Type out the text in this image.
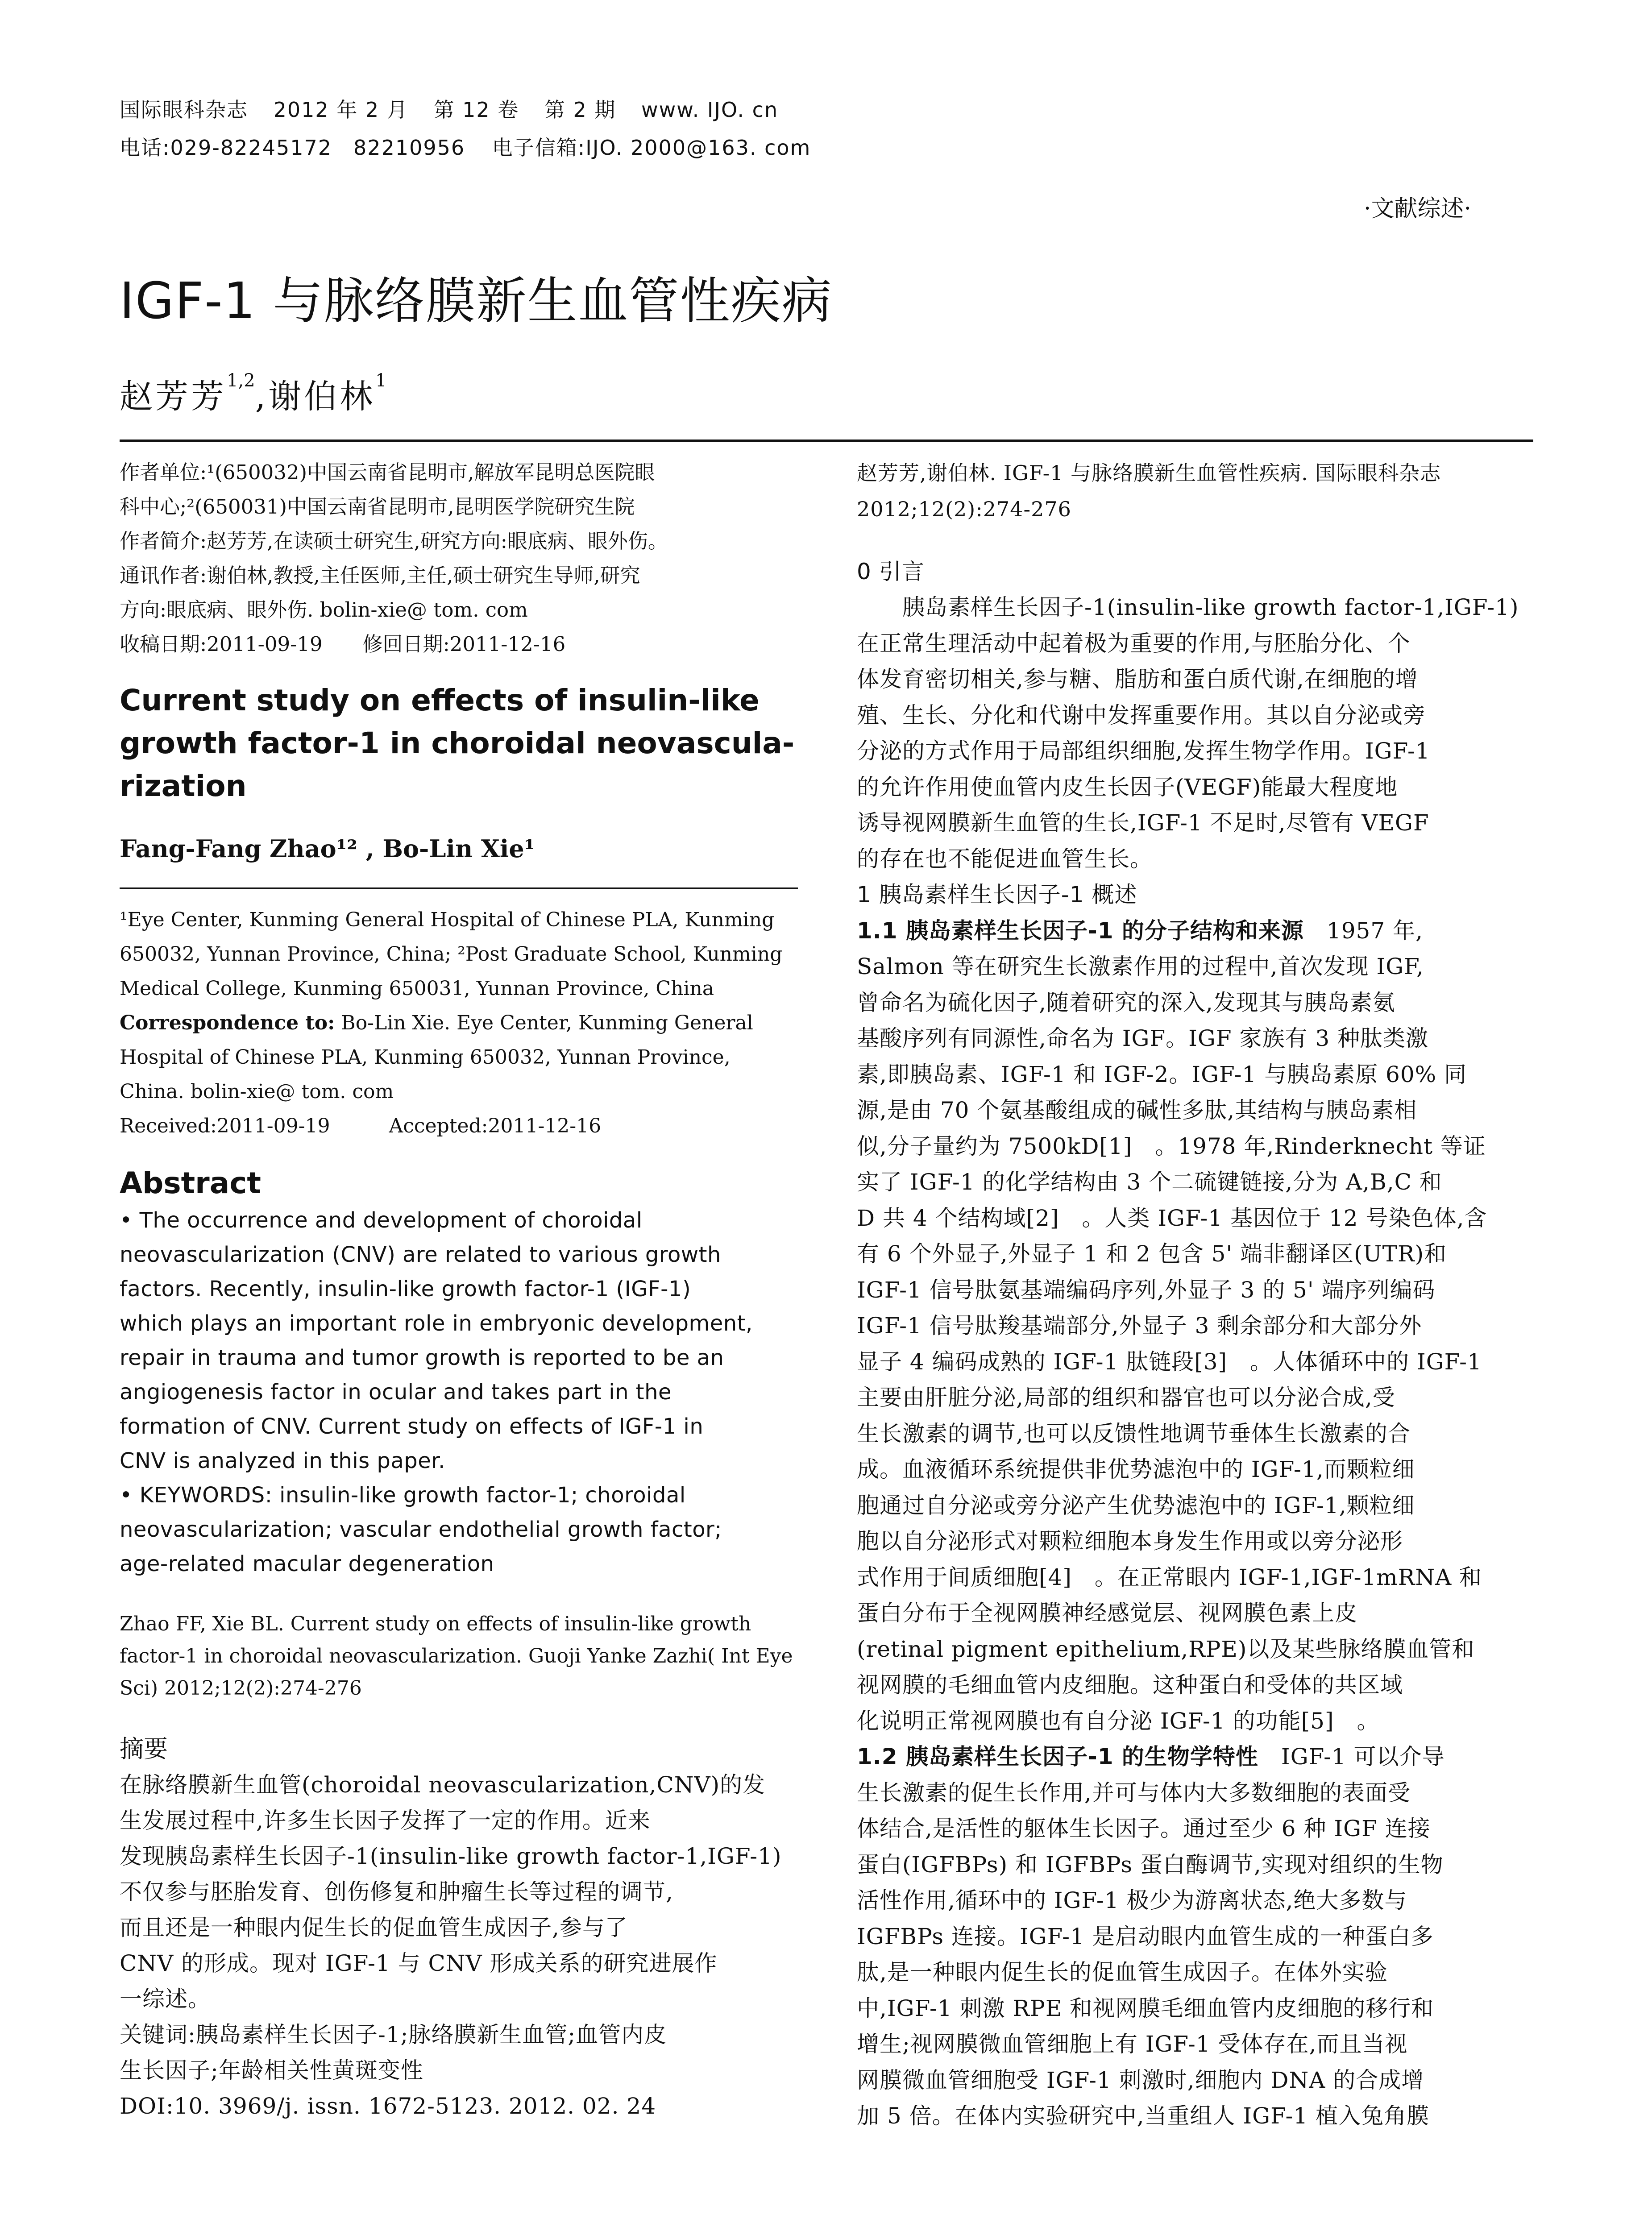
国际眼科杂志 2012 年 2 月 第 12 卷 第 2 期 www. IJO. cn
电话:029-82245172　82210956 电子信箱:IJO. 2000@163. com
·文献综述·
IGF-1 与脉络膜新生血管性疾病
赵芳芳$^{1,2}$,谢伯林$^1$
作者单位:¹(650032)中国云南省昆明市,解放军昆明总医院眼
科中心;²(650031)中国云南省昆明市,昆明医学院研究生院
作者简介:赵芳芳,在读硕士研究生,研究方向:眼底病、眼外伤。
通讯作者:谢伯林,教授,主任医师,主任,硕士研究生导师,研究
方向:眼底病、眼外伤. bolin-xie@ tom. com
收稿日期:2011-09-19　　修回日期:2011-12-16
Current study on effects of insulin-like
growth factor-1 in choroidal neovascula-
rization
Fang-Fang Zhao¹² , Bo-Lin Xie¹
¹Eye Center, Kunming General Hospital of Chinese PLA, Kunming
650032, Yunnan Province, China; ²Post Graduate School, Kunming
Medical College, Kunming 650031, Yunnan Province, China
Correspondence to: Bo-Lin Xie. Eye Center, Kunming General
Hospital of Chinese PLA, Kunming 650032, Yunnan Province,
China. bolin-xie@ tom. com
Received:2011-09-19　　　Accepted:2011-12-16
Abstract
• The occurrence and development of choroidal
neovascularization (CNV) are related to various growth
factors. Recently, insulin-like growth factor-1 (IGF-1)
which plays an important role in embryonic development,
repair in trauma and tumor growth is reported to be an
angiogenesis factor in ocular and takes part in the
formation of CNV. Current study on effects of IGF-1 in
CNV is analyzed in this paper.
• KEYWORDS: insulin-like growth factor-1; choroidal
neovascularization; vascular endothelial growth factor;
age-related macular degeneration
Zhao FF, Xie BL. Current study on effects of insulin-like growth
factor-1 in choroidal neovascularization. Guoji Yanke Zazhi( Int Eye
Sci) 2012;12(2):274-276
摘要
在脉络膜新生血管(choroidal neovascularization,CNV)的发
生发展过程中,许多生长因子发挥了一定的作用。近来
发现胰岛素样生长因子-1(insulin-like growth factor-1,IGF-1)
不仅参与胚胎发育、创伤修复和肿瘤生长等过程的调节,
而且还是一种眼内促生长的促血管生成因子,参与了
CNV 的形成。现对 IGF-1 与 CNV 形成关系的研究进展作
一综述。
关键词:胰岛素样生长因子-1;脉络膜新生血管;血管内皮
生长因子;年龄相关性黄斑变性
DOI:10. 3969/j. issn. 1672-5123. 2012. 02. 24
赵芳芳,谢伯林. IGF-1 与脉络膜新生血管性疾病. 国际眼科杂志
2012;12(2):274-276
0 引言
　　胰岛素样生长因子-1(insulin-like growth factor-1,IGF-1)
在正常生理活动中起着极为重要的作用,与胚胎分化、个
体发育密切相关,参与糖、脂肪和蛋白质代谢,在细胞的增
殖、生长、分化和代谢中发挥重要作用。其以自分泌或旁
分泌的方式作用于局部组织细胞,发挥生物学作用。IGF-1
的允许作用使血管内皮生长因子(VEGF)能最大程度地
诱导视网膜新生血管的生长,IGF-1 不足时,尽管有 VEGF
的存在也不能促进血管生长。
1 胰岛素样生长因子-1 概述
1.1 胰岛素样生长因子-1 的分子结构和来源　1957 年,
Salmon 等在研究生长激素作用的过程中,首次发现 IGF,
曾命名为硫化因子,随着研究的深入,发现其与胰岛素氨
基酸序列有同源性,命名为 IGF。IGF 家族有 3 种肽类激
素,即胰岛素、IGF-1 和 IGF-2。IGF-1 与胰岛素原 60% 同
源,是由 70 个氨基酸组成的碱性多肽,其结构与胰岛素相
似,分子量约为 7500kD[1]　。1978 年,Rinderknecht 等证
实了 IGF-1 的化学结构由 3 个二硫键链接,分为 A,B,C 和
D 共 4 个结构域[2]　。人类 IGF-1 基因位于 12 号染色体,含
有 6 个外显子,外显子 1 和 2 包含 5' 端非翻译区(UTR)和
IGF-1 信号肽氨基端编码序列,外显子 3 的 5' 端序列编码
IGF-1 信号肽羧基端部分,外显子 3 剩余部分和大部分外
显子 4 编码成熟的 IGF-1 肽链段[3]　。人体循环中的 IGF-1
主要由肝脏分泌,局部的组织和器官也可以分泌合成,受
生长激素的调节,也可以反馈性地调节垂体生长激素的合
成。血液循环系统提供非优势滤泡中的 IGF-1,而颗粒细
胞通过自分泌或旁分泌产生优势滤泡中的 IGF-1,颗粒细
胞以自分泌形式对颗粒细胞本身发生作用或以旁分泌形
式作用于间质细胞[4]　。在正常眼内 IGF-1,IGF-1mRNA 和
蛋白分布于全视网膜神经感觉层、视网膜色素上皮
(retinal pigment epithelium,RPE)以及某些脉络膜血管和
视网膜的毛细血管内皮细胞。这种蛋白和受体的共区域
化说明正常视网膜也有自分泌 IGF-1 的功能[5]　。
1.2 胰岛素样生长因子-1 的生物学特性　IGF-1 可以介导
生长激素的促生长作用,并可与体内大多数细胞的表面受
体结合,是活性的躯体生长因子。通过至少 6 种 IGF 连接
蛋白(IGFBPs) 和 IGFBPs 蛋白酶调节,实现对组织的生物
活性作用,循环中的 IGF-1 极少为游离状态,绝大多数与
IGFBPs 连接。IGF-1 是启动眼内血管生成的一种蛋白多
肽,是一种眼内促生长的促血管生成因子。在体外实验
中,IGF-1 刺激 RPE 和视网膜毛细血管内皮细胞的移行和
增生;视网膜微血管细胞上有 IGF-1 受体存在,而且当视
网膜微血管细胞受 IGF-1 刺激时,细胞内 DNA 的合成增
加 5 倍。在体内实验研究中,当重组人 IGF-1 植入兔角膜
